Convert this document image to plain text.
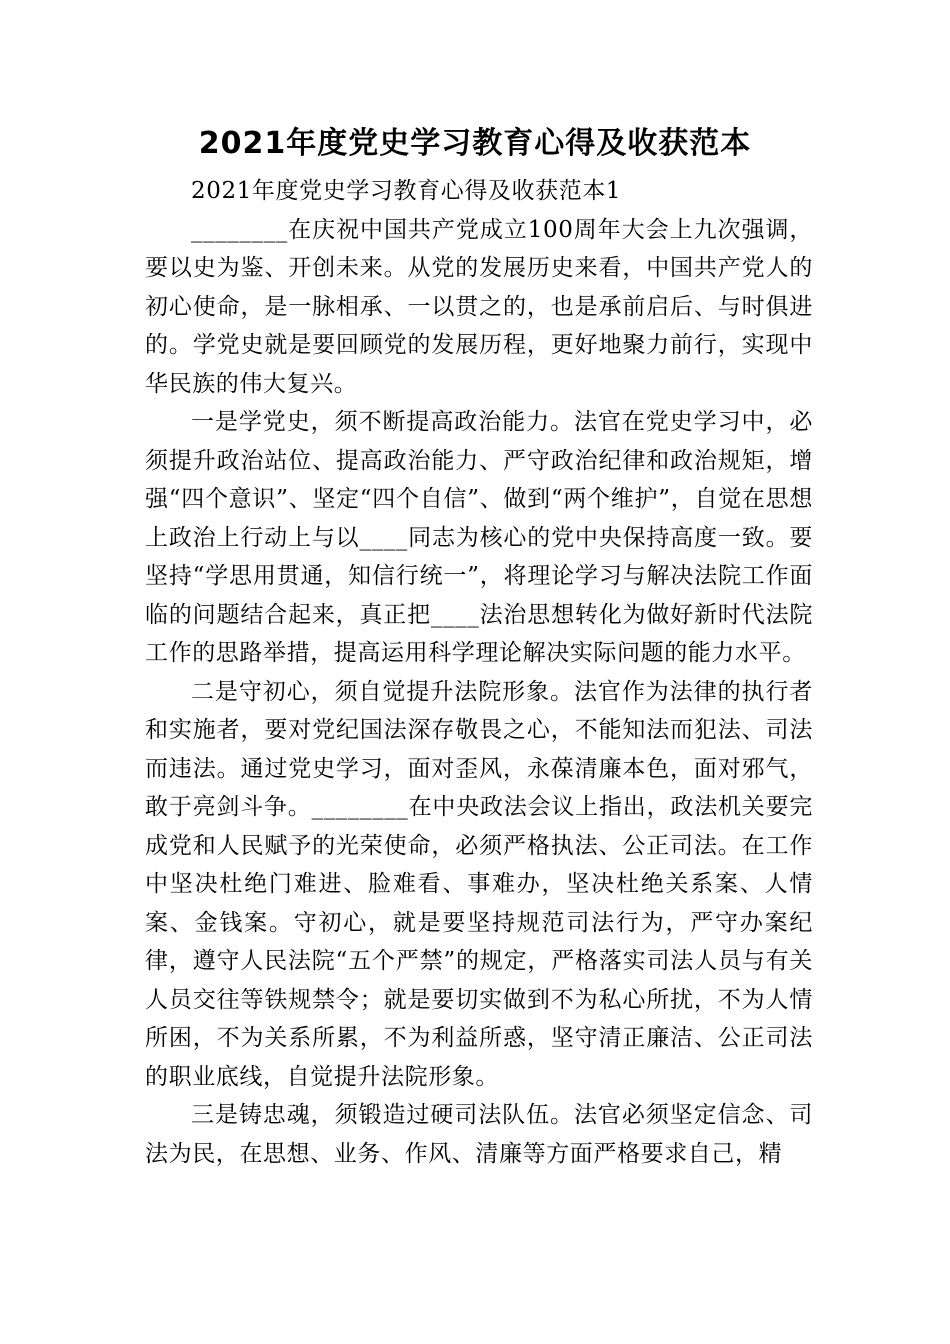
2021年度党史学习教育心得及收获范本

2021年度党史学习教育心得及收获范本1

________在庆祝中国共产党成立100周年大会上九次强调，要以史为鉴、开创未来。从党的发展历史来看，中国共产党人的初心使命，是一脉相承、一以贯之的，也是承前启后、与时俱进的。学党史就是要回顾党的发展历程，更好地聚力前行，实现中华民族的伟大复兴。

一是学党史，须不断提高政治能力。法官在党史学习中，必须提升政治站位、提高政治能力、严守政治纪律和政治规矩，增强“四个意识”、坚定“四个自信”、做到“两个维护”，自觉在思想上政治上行动上与以____同志为核心的党中央保持高度一致。要坚持“学思用贯通，知信行统一”，将理论学习与解决法院工作面临的问题结合起来，真正把____法治思想转化为做好新时代法院工作的思路举措，提高运用科学理论解决实际问题的能力水平。

二是守初心，须自觉提升法院形象。法官作为法律的执行者和实施者，要对党纪国法深存敬畏之心，不能知法而犯法、司法而违法。通过党史学习，面对歪风，永葆清廉本色，面对邪气，敢于亮剑斗争。________在中央政法会议上指出，政法机关要完成党和人民赋予的光荣使命，必须严格执法、公正司法。在工作中坚决杜绝门难进、脸难看、事难办，坚决杜绝关系案、人情案、金钱案。守初心，就是要坚持规范司法行为，严守办案纪律，遵守人民法院“五个严禁”的规定，严格落实司法人员与有关人员交往等铁规禁令；就是要切实做到不为私心所扰，不为人情所困，不为关系所累，不为利益所惑，坚守清正廉洁、公正司法的职业底线，自觉提升法院形象。

三是铸忠魂，须锻造过硬司法队伍。法官必须坚定信念、司法为民，在思想、业务、作风、清廉等方面严格要求自己，精
